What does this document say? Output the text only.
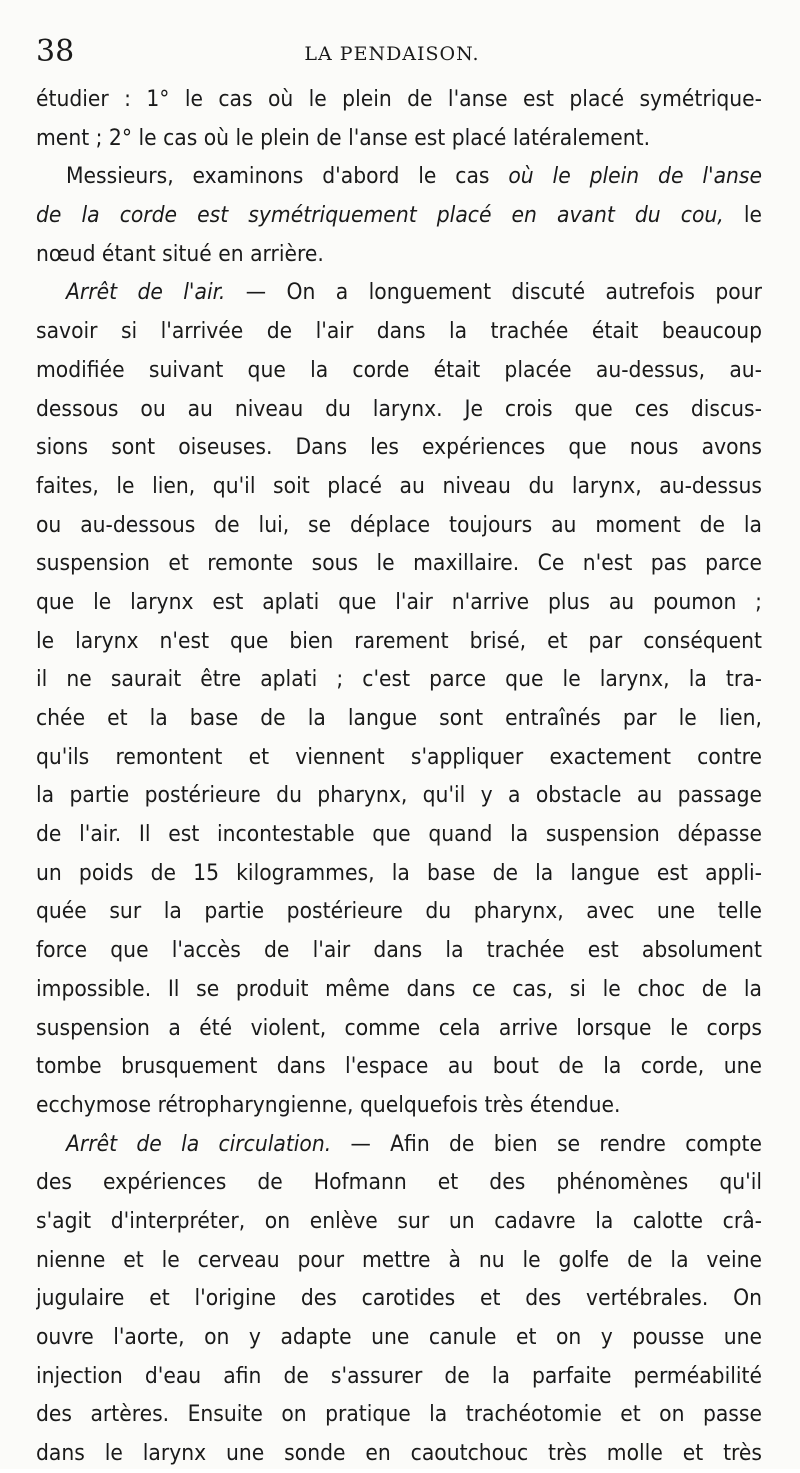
38	LA PENDAISON.
étudier : 1° le cas où le plein de l'anse est placé symétrique-
ment ; 2° le cas où le plein de l'anse est placé latéralement.
Messieurs, examinons d'abord le cas où le plein de l'anse
de la corde est symétriquement placé en avant du cou, le
nœud étant situé en arrière.
Arrêt de l'air. — On a longuement discuté autrefois pour
savoir si l'arrivée de l'air dans la trachée était beaucoup
modifiée suivant que la corde était placée au-dessus, au-
dessous ou au niveau du larynx. Je crois que ces discus-
sions sont oiseuses. Dans les expériences que nous avons
faites, le lien, qu'il soit placé au niveau du larynx, au-dessus
ou au-dessous de lui, se déplace toujours au moment de la
suspension et remonte sous le maxillaire. Ce n'est pas parce
que le larynx est aplati que l'air n'arrive plus au poumon ;
le larynx n'est que bien rarement brisé, et par conséquent
il ne saurait être aplati ; c'est parce que le larynx, la tra-
chée et la base de la langue sont entraînés par le lien,
qu'ils remontent et viennent s'appliquer exactement contre
la partie postérieure du pharynx, qu'il y a obstacle au passage
de l'air. Il est incontestable que quand la suspension dépasse
un poids de 15 kilogrammes, la base de la langue est appli-
quée sur la partie postérieure du pharynx, avec une telle
force que l'accès de l'air dans la trachée est absolument
impossible. Il se produit même dans ce cas, si le choc de la
suspension a été violent, comme cela arrive lorsque le corps
tombe brusquement dans l'espace au bout de la corde, une
ecchymose rétropharyngienne, quelquefois très étendue.
Arrêt de la circulation. — Afin de bien se rendre compte
des expériences de Hofmann et des phénomènes qu'il
s'agit d'interpréter, on enlève sur un cadavre la calotte crâ-
nienne et le cerveau pour mettre à nu le golfe de la veine
jugulaire et l'origine des carotides et des vertébrales. On
ouvre l'aorte, on y adapte une canule et on y pousse une
injection d'eau afin de s'assurer de la parfaite perméabilité
des artères. Ensuite on pratique la trachéotomie et on passe
dans le larynx une sonde en caoutchouc très molle et très
